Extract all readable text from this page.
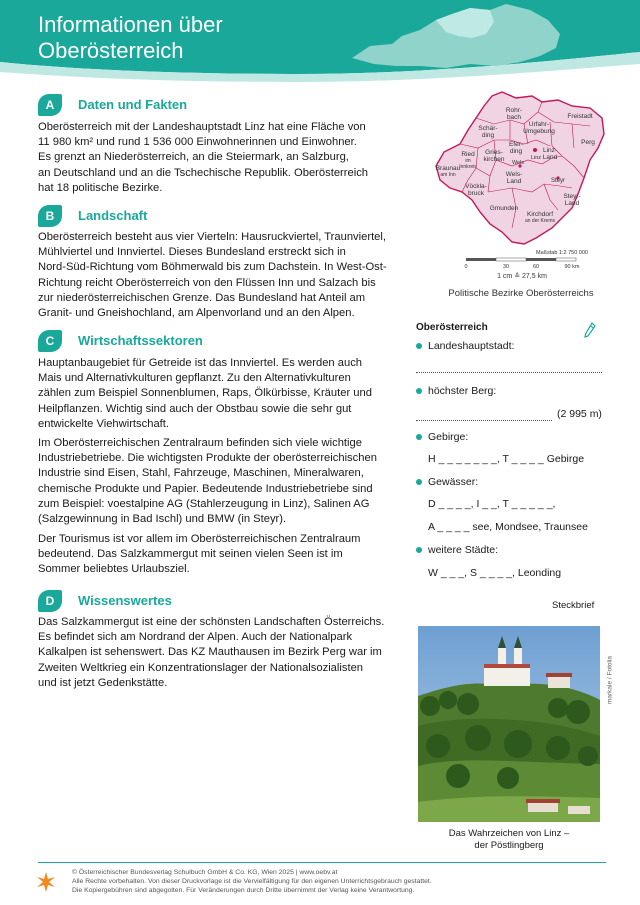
Informationen über
Oberösterreich
A	Daten und Fakten
Oberösterreich mit der Landeshauptstadt Linz hat eine Fläche von
11 980 km² und rund 1 536 000 Einwohnerinnen und Einwohner.
Es grenzt an Niederösterreich, an die Steiermark, an Salzburg,
an Deutschland und an die Tschechische Republik. Oberösterreich
hat 18 politische Bezirke.
B	Landschaft
Oberösterreich besteht aus vier Vierteln: Hausruckviertel, Traunviertel,
Mühlviertel und Innviertel. Dieses Bundesland erstreckt sich in
Nord-Süd-Richtung vom Böhmerwald bis zum Dachstein. In West-Ost-
Richtung reicht Oberösterreich von den Flüssen Inn und Salzach bis
zur niederösterreichischen Grenze. Das Bundesland hat Anteil am
Granit- und Gneishochland, am Alpenvorland und an den Alpen.
C	Wirtschaftssektoren
Hauptanbaugebiet für Getreide ist das Innviertel. Es werden auch
Mais und Alternativkulturen gepflanzt. Zu den Alternativkulturen
zählen zum Beispiel Sonnenblumen, Raps, Ölkürbisse, Kräuter und
Heilpflanzen. Wichtig sind auch der Obstbau sowie die sehr gut
entwickelte Viehwirtschaft.
Im Oberösterreichischen Zentralraum befinden sich viele wichtige
Industriebetriebe. Die wichtigsten Produkte der oberösterreichischen
Industrie sind Eisen, Stahl, Fahrzeuge, Maschinen, Mineralwaren,
chemische Produkte und Papier. Bedeutende Industriebetriebe sind
zum Beispiel: voestalpine AG (Stahlerzeugung in Linz), Salinen AG
(Salzgewinnung in Bad Ischl) und BMW (in Steyr).
Der Tourismus ist vor allem im Oberösterreichischen Zentralraum
bedeutend. Das Salzkammergut mit seinen vielen Seen ist im
Sommer beliebtes Urlaubsziel.
D	Wissenswertes
Das Salzkammergut ist eine der schönsten Landschaften Österreichs.
Es befindet sich am Nordrand der Alpen. Auch der Nationalpark
Kalkalpen ist sehenswert. Das KZ Mauthausen im Bezirk Perg war im
Zweiten Weltkrieg ein Konzentrationslager der Nationalsozialisten
und ist jetzt Gedenkstätte.
Rohr-
bach	Freistadt
Schär-
ding
Urfahr-
Umgebung
Efer-
ding
Ried
im
Innkreis
Gries-
kirchen	Linz
Linz-
Land
Perg
Braunau
am Inn
Wels
Wels-
Land	Steyr
Vöckla-
bruck
Gmunden
Steyr-
Land
Kirchdorf
an der Krems
Maßstab 1:2 750 000
0	30	60	90 km
1 cm ≙ 27,5 km
Politische Bezirke Oberösterreichs
Oberösterreich
Landeshauptstadt:
höchster Berg:
(2 995 m)
Gebirge:
H _ _ _ _ _ _ _, T _ _ _ _ Gebirge
Gewässer:
D _ _ _ _, I _ _, T _ _ _ _ _,
A _ _ _ _ see, Mondsee, Traunsee
weitere Städte:
W _ _ _, S _ _ _ _, Leonding
Steckbrief
markale / Fotolia
Das Wahrzeichen von Linz –
der Pöstlingberg
© Österreichischer Bundesverlag Schulbuch GmbH & Co. KG, Wien 2025 | www.oebv.at
Alle Rechte vorbehalten. Von dieser Druckvorlage ist die Vervielfältigung für den eigenen Unterrichtsgebrauch gestattet.
Die Kopiergebühren sind abgegolten. Für Veränderungen durch Dritte übernimmt der Verlag keine Verantwortung.
